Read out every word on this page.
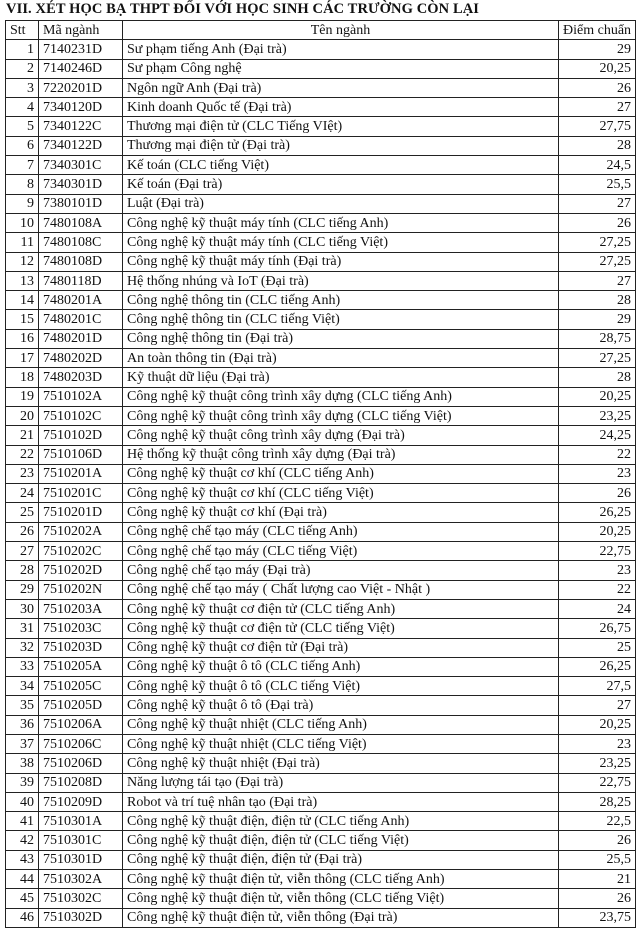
VII. XÉT HỌC BẠ THPT ĐỐI VỚI HỌC SINH CÁC TRƯỜNG CÒN LẠI
Stt	Mã ngành	Tên ngành	Điểm chuẩn
1	7140231D	Sư phạm tiếng Anh (Đại trà)	29
2	7140246D	Sư phạm Công nghệ	20,25
3	7220201D	Ngôn ngữ Anh (Đại trà)	26
4	7340120D	Kinh doanh Quốc tế (Đại trà)	27
5	7340122C	Thương mại điện tử (CLC Tiếng VIệt)	27,75
6	7340122D	Thương mại điện tử (Đại trà)	28
7	7340301C	Kế toán (CLC tiếng Việt)	24,5
8	7340301D	Kế toán (Đại trà)	25,5
9	7380101D	Luật (Đại trà)	27
10	7480108A	Công nghệ kỹ thuật máy tính (CLC tiếng Anh)	26
11	7480108C	Công nghệ kỹ thuật máy tính (CLC tiếng Việt)	27,25
12	7480108D	Công nghệ kỹ thuật máy tính (Đại trà)	27,25
13	7480118D	Hệ thống nhúng và IoT (Đại trà)	27
14	7480201A	Công nghệ thông tin (CLC tiếng Anh)	28
15	7480201C	Công nghệ thông tin (CLC tiếng Việt)	29
16	7480201D	Công nghệ thông tin (Đại trà)	28,75
17	7480202D	An toàn thông tin (Đại trà)	27,25
18	7480203D	Kỹ thuật dữ liệu (Đại trà)	28
19	7510102A	Công nghệ kỹ thuật công trình xây dựng (CLC tiếng Anh)	20,25
20	7510102C	Công nghệ kỹ thuật công trình xây dựng (CLC tiếng Việt)	23,25
21	7510102D	Công nghệ kỹ thuật công trình xây dựng (Đại trà)	24,25
22	7510106D	Hệ thống kỹ thuật công trình xây dựng (Đại trà)	22
23	7510201A	Công nghệ kỹ thuật cơ khí (CLC tiếng Anh)	23
24	7510201C	Công nghệ kỹ thuật cơ khí (CLC tiếng Việt)	26
25	7510201D	Công nghệ kỹ thuật cơ khí (Đại trà)	26,25
26	7510202A	Công nghệ chế tạo máy (CLC tiếng Anh)	20,25
27	7510202C	Công nghệ chế tạo máy (CLC tiếng Việt)	22,75
28	7510202D	Công nghệ chế tạo máy (Đại trà)	23
29	7510202N	Công nghệ chế tạo máy ( Chất lượng cao Việt - Nhật )	22
30	7510203A	Công nghệ kỹ thuật cơ điện tử (CLC tiếng Anh)	24
31	7510203C	Công nghệ kỹ thuật cơ điện tử (CLC tiếng Việt)	26,75
32	7510203D	Công nghệ kỹ thuật cơ điện tử (Đại trà)	25
33	7510205A	Công nghệ kỹ thuật ô tô (CLC tiếng Anh)	26,25
34	7510205C	Công nghệ kỹ thuật ô tô (CLC tiếng Việt)	27,5
35	7510205D	Công nghệ kỹ thuật ô tô (Đại trà)	27
36	7510206A	Công nghệ kỹ thuật nhiệt (CLC tiếng Anh)	20,25
37	7510206C	Công nghệ kỹ thuật nhiệt (CLC tiếng Việt)	23
38	7510206D	Công nghệ kỹ thuật nhiệt (Đại trà)	23,25
39	7510208D	Năng lượng tái tạo (Đại trà)	22,75
40	7510209D	Robot và trí tuệ nhân tạo (Đại trà)	28,25
41	7510301A	Công nghệ kỹ thuật điện, điện tử (CLC tiếng Anh)	22,5
42	7510301C	Công nghệ kỹ thuật điện, điện tử (CLC tiếng Việt)	26
43	7510301D	Công nghệ kỹ thuật điện, điện tử (Đại trà)	25,5
44	7510302A	Công nghệ kỹ thuật điện tử, viễn thông (CLC tiếng Anh)	21
45	7510302C	Công nghệ kỹ thuật điện tử, viễn thông (CLC tiếng Việt)	26
46	7510302D	Công nghệ kỹ thuật điện tử, viễn thông (Đại trà)	23,75
